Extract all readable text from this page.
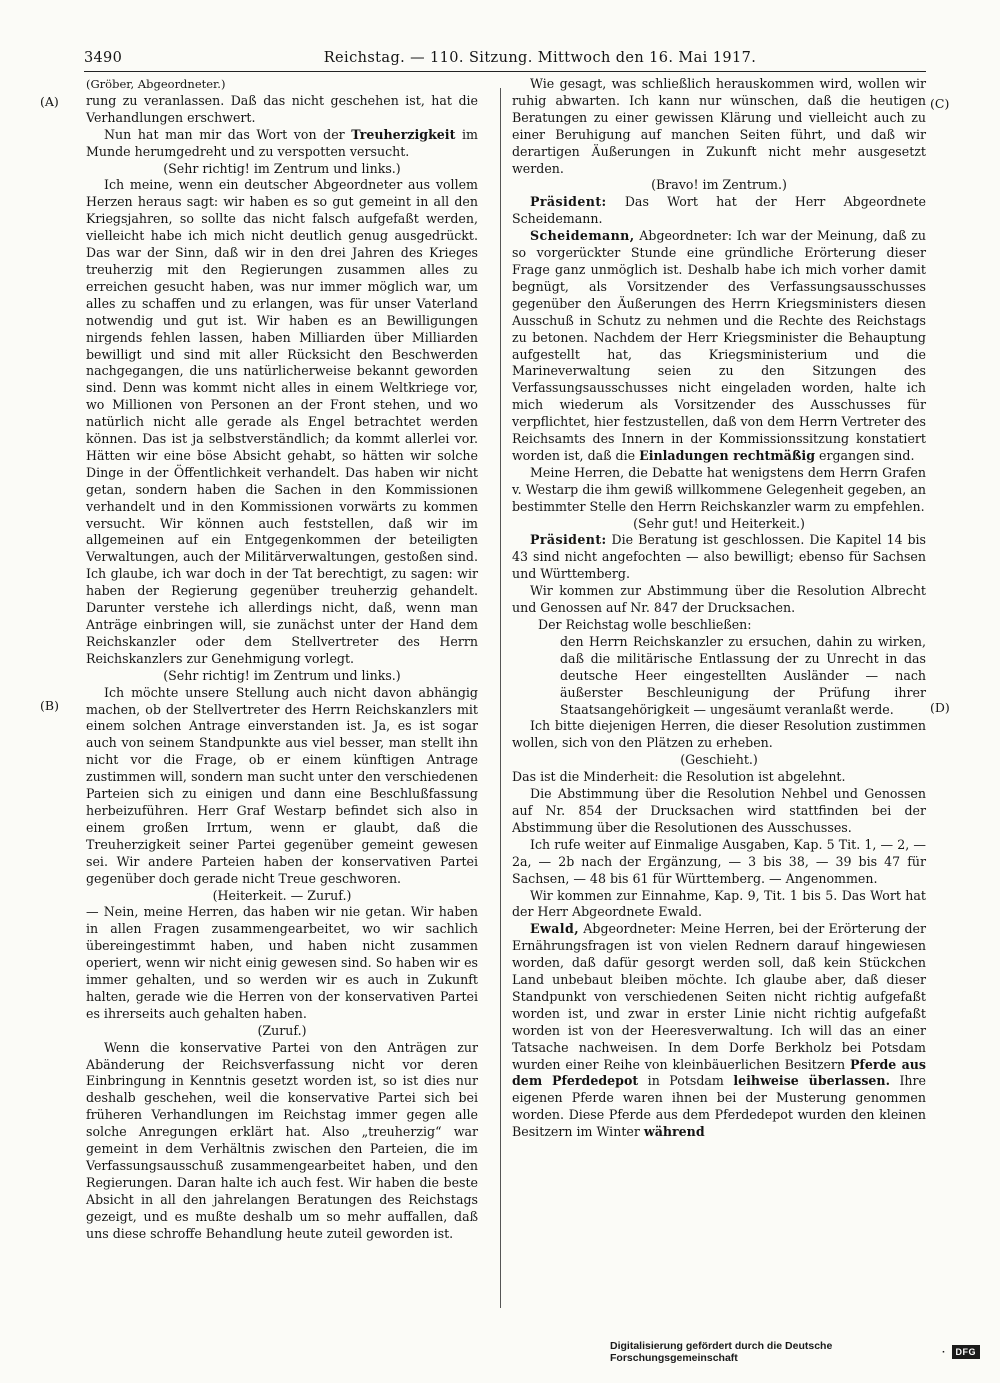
3490	Reichstag. — 110. Sitzung. Mittwoch den 16. Mai 1917.
(A)
(B)
(C)
(D)

(Gröber, Abgeordneter.)

rung zu veranlassen. Daß das nicht geschehen ist, hat die Verhandlungen erschwert.

Nun hat man mir das Wort von der Treuherzigkeit im Munde herumgedreht und zu verspotten versucht.

(Sehr richtig! im Zentrum und links.)

Ich meine, wenn ein deutscher Abgeordneter aus vollem Herzen heraus sagt: wir haben es so gut gemeint in all den Kriegsjahren, so sollte das nicht falsch aufgefaßt werden, vielleicht habe ich mich nicht deutlich genug ausgedrückt. Das war der Sinn, daß wir in den drei Jahren des Krieges treuherzig mit den Regierungen zusammen alles zu erreichen gesucht haben, was nur immer möglich war, um alles zu schaffen und zu erlangen, was für unser Vaterland notwendig und gut ist. Wir haben es an Bewilligungen nirgends fehlen lassen, haben Milliarden über Milliarden bewilligt und sind mit aller Rücksicht den Beschwerden nachgegangen, die uns natürlicherweise bekannt geworden sind. Denn was kommt nicht alles in einem Weltkriege vor, wo Millionen von Personen an der Front stehen, und wo natürlich nicht alle gerade als Engel betrachtet werden können. Das ist ja selbstverständlich; da kommt allerlei vor. Hätten wir eine böse Absicht gehabt, so hätten wir solche Dinge in der Öffentlichkeit verhandelt. Das haben wir nicht getan, sondern haben die Sachen in den Kommissionen verhandelt und in den Kommissionen vorwärts zu kommen versucht. Wir können auch feststellen, daß wir im allgemeinen auf ein Entgegenkommen der beteiligten Verwaltungen, auch der Militärverwaltungen, gestoßen sind. Ich glaube, ich war doch in der Tat berechtigt, zu sagen: wir haben der Regierung gegenüber treuherzig gehandelt. Darunter verstehe ich allerdings nicht, daß, wenn man Anträge einbringen will, sie zunächst unter der Hand dem Reichskanzler oder dem Stellvertreter des Herrn Reichskanzlers zur Genehmigung vorlegt.

(Sehr richtig! im Zentrum und links.)

Ich möchte unsere Stellung auch nicht davon abhängig machen, ob der Stellvertreter des Herrn Reichskanzlers mit einem solchen Antrage einverstanden ist. Ja, es ist sogar auch von seinem Standpunkte aus viel besser, man stellt ihn nicht vor die Frage, ob er einem künftigen Antrage zustimmen will, sondern man sucht unter den verschiedenen Parteien sich zu einigen und dann eine Beschlußfassung herbeizuführen. Herr Graf Westarp befindet sich also in einem großen Irrtum, wenn er glaubt, daß die Treuherzigkeit seiner Partei gegenüber gemeint gewesen sei. Wir andere Parteien haben der konservativen Partei gegenüber doch gerade nicht Treue geschworen.

(Heiterkeit. — Zuruf.)

— Nein, meine Herren, das haben wir nie getan. Wir haben in allen Fragen zusammengearbeitet, wo wir sachlich übereingestimmt haben, und haben nicht zusammen operiert, wenn wir nicht einig gewesen sind. So haben wir es immer gehalten, und so werden wir es auch in Zukunft halten, gerade wie die Herren von der konservativen Partei es ihrerseits auch gehalten haben.

(Zuruf.)

Wenn die konservative Partei von den Anträgen zur Abänderung der Reichsverfassung nicht vor deren Einbringung in Kenntnis gesetzt worden ist, so ist dies nur deshalb geschehen, weil die konservative Partei sich bei früheren Verhandlungen im Reichstag immer gegen alle solche Anregungen erklärt hat. Also „treuherzig“ war gemeint in dem Verhältnis zwischen den Parteien, die im Verfassungsausschuß zusammengearbeitet haben, und den Regierungen. Daran halte ich auch fest. Wir haben die beste Absicht in all den jahrelangen Beratungen des Reichstags gezeigt, und es mußte deshalb um so mehr auffallen, daß uns diese schroffe Behandlung heute zuteil geworden ist.

Wie gesagt, was schließlich herauskommen wird, wollen wir ruhig abwarten. Ich kann nur wünschen, daß die heutigen Beratungen zu einer gewissen Klärung und vielleicht auch zu einer Beruhigung auf manchen Seiten führt, und daß wir derartigen Äußerungen in Zukunft nicht mehr ausgesetzt werden.

(Bravo! im Zentrum.)

Präsident: Das Wort hat der Herr Abgeordnete Scheidemann.

Scheidemann, Abgeordneter: Ich war der Meinung, daß zu so vorgerückter Stunde eine gründliche Erörterung dieser Frage ganz unmöglich ist. Deshalb habe ich mich vorher damit begnügt, als Vorsitzender des Verfassungsausschusses gegenüber den Äußerungen des Herrn Kriegsministers diesen Ausschuß in Schutz zu nehmen und die Rechte des Reichstags zu betonen. Nachdem der Herr Kriegsminister die Behauptung aufgestellt hat, das Kriegsministerium und die Marineverwaltung seien zu den Sitzungen des Verfassungsausschusses nicht eingeladen worden, halte ich mich wiederum als Vorsitzender des Ausschusses für verpflichtet, hier festzustellen, daß von dem Herrn Vertreter des Reichsamts des Innern in der Kommissionssitzung konstatiert worden ist, daß die Einladungen rechtmäßig ergangen sind.

Meine Herren, die Debatte hat wenigstens dem Herrn Grafen v. Westarp die ihm gewiß willkommene Gelegenheit gegeben, an bestimmter Stelle den Herrn Reichskanzler warm zu empfehlen.

(Sehr gut! und Heiterkeit.)

Präsident: Die Beratung ist geschlossen. Die Kapitel 14 bis 43 sind nicht angefochten — also bewilligt; ebenso für Sachsen und Württemberg.

Wir kommen zur Abstimmung über die Resolution Albrecht und Genossen auf Nr. 847 der Drucksachen.

Der Reichstag wolle beschließen:

den Herrn Reichskanzler zu ersuchen, dahin zu wirken, daß die militärische Entlassung der zu Unrecht in das deutsche Heer eingestellten Ausländer — nach äußerster Beschleunigung der Prüfung ihrer Staatsangehörigkeit — ungesäumt veranlaßt werde.

Ich bitte diejenigen Herren, die dieser Resolution zustimmen wollen, sich von den Plätzen zu erheben.

(Geschieht.)

Das ist die Minderheit: die Resolution ist abgelehnt.

Die Abstimmung über die Resolution Nehbel und Genossen auf Nr. 854 der Drucksachen wird stattfinden bei der Abstimmung über die Resolutionen des Ausschusses.

Ich rufe weiter auf Einmalige Ausgaben, Kap. 5 Tit. 1, — 2, — 2a, — 2b nach der Ergänzung, — 3 bis 38, — 39 bis 47 für Sachsen, — 48 bis 61 für Württemberg. — Angenommen.

Wir kommen zur Einnahme, Kap. 9, Tit. 1 bis 5. Das Wort hat der Herr Abgeordnete Ewald.

Ewald, Abgeordneter: Meine Herren, bei der Erörterung der Ernährungsfragen ist von vielen Rednern darauf hingewiesen worden, daß dafür gesorgt werden soll, daß kein Stückchen Land unbebaut bleiben möchte. Ich glaube aber, daß dieser Standpunkt von verschiedenen Seiten nicht richtig aufgefaßt worden ist, und zwar in erster Linie nicht richtig aufgefaßt worden ist von der Heeresverwaltung. Ich will das an einer Tatsache nachweisen. In dem Dorfe Berkholz bei Potsdam wurden einer Reihe von kleinbäuerlichen Besitzern Pferde aus dem Pferdedepot in Potsdam leihweise überlassen. Ihre eigenen Pferde waren ihnen bei der Musterung genommen worden. Diese Pferde aus dem Pferdedepot wurden den kleinen Besitzern im Winter während

Digitalisierung gefördert durch die Deutsche Forschungsgemeinschaft	·	DFG
